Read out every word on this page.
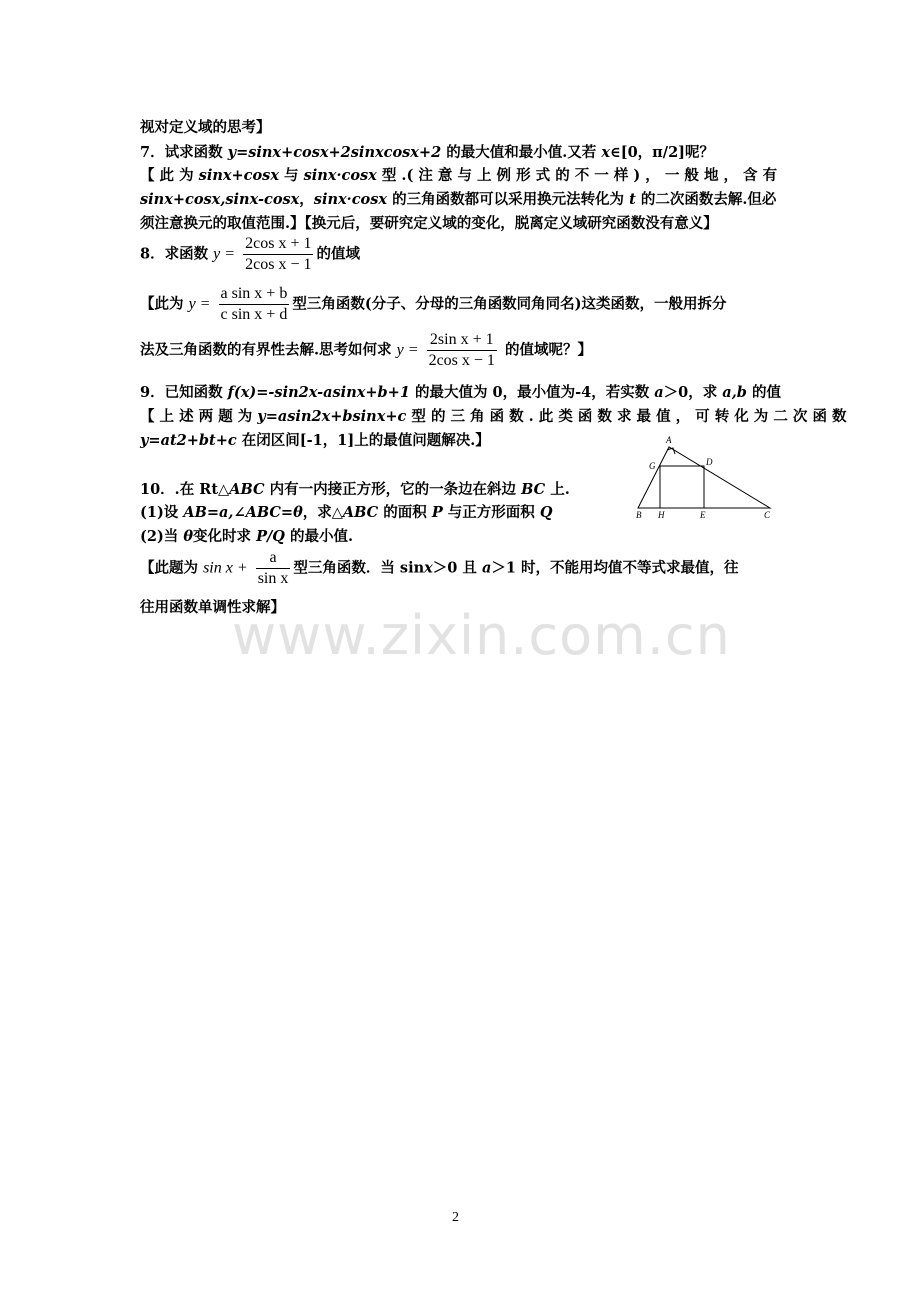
视对定义域的思考】
7．试求函数 y=sinx+cosx+2sinxcosx+2 的最大值和最小值.又若 x∈[0，π/2]呢？
【 此 为 sinx+cosx 与 sinx·cosx 型 .( 注 意 与 上 例 形 式 的 不 一 样 ) ， 一 般 地 ， 含 有
sinx+cosx,sinx-cosx，sinx·cosx 的三角函数都可以采用换元法转化为 t 的二次函数去解.但必
须注意换元的取值范围.】【换元后，要研究定义域的变化，脱离定义域研究函数没有意义】
8．求函数 $y = \frac{\text{2cos x + 1}}{\text{2cos x − 1}}$ 的值域
【此为 $y = \frac{\text{a sin x + b}}{\text{c sin x + d}}$ 型三角函数(分子、分母的三角函数同角同名)这类函数，一般用拆分
法及三角函数的有界性去解.思考如何求 $y = \frac{\text{2sin x + 1}}{\text{2cos x − 1}}$ 的值域呢？】
9．已知函数 f(x)=-sin2x-asinx+b+1 的最大值为 0，最小值为-4，若实数 a＞0，求 a,b 的值
【 上 述 两 题 为 y=asin2x+bsinx+c 型 的 三 角 函 数 . 此 类 函 数 求 最 值 ， 可 转 化 为 二 次 函 数
y=at2+bt+c 在闭区间[-1，1]上的最值问题解决.】
10．.在 Rt△ABC 内有一内接正方形，它的一条边在斜边 BC 上.
(1)设 AB=a,∠ABC=θ，求△ABC 的面积 P 与正方形面积 Q
(2)当 θ变化时求 P/Q 的最小值.
【此题为 $\sin x + \frac{a}{\text{sin x}}$ 型三角函数．当 sinx＞0 且 a＞1 时，不能用均值不等式求最值，往
往用函数单调性求解】
A
G	D
B H	E	C
www.zixin.com.cn
2
